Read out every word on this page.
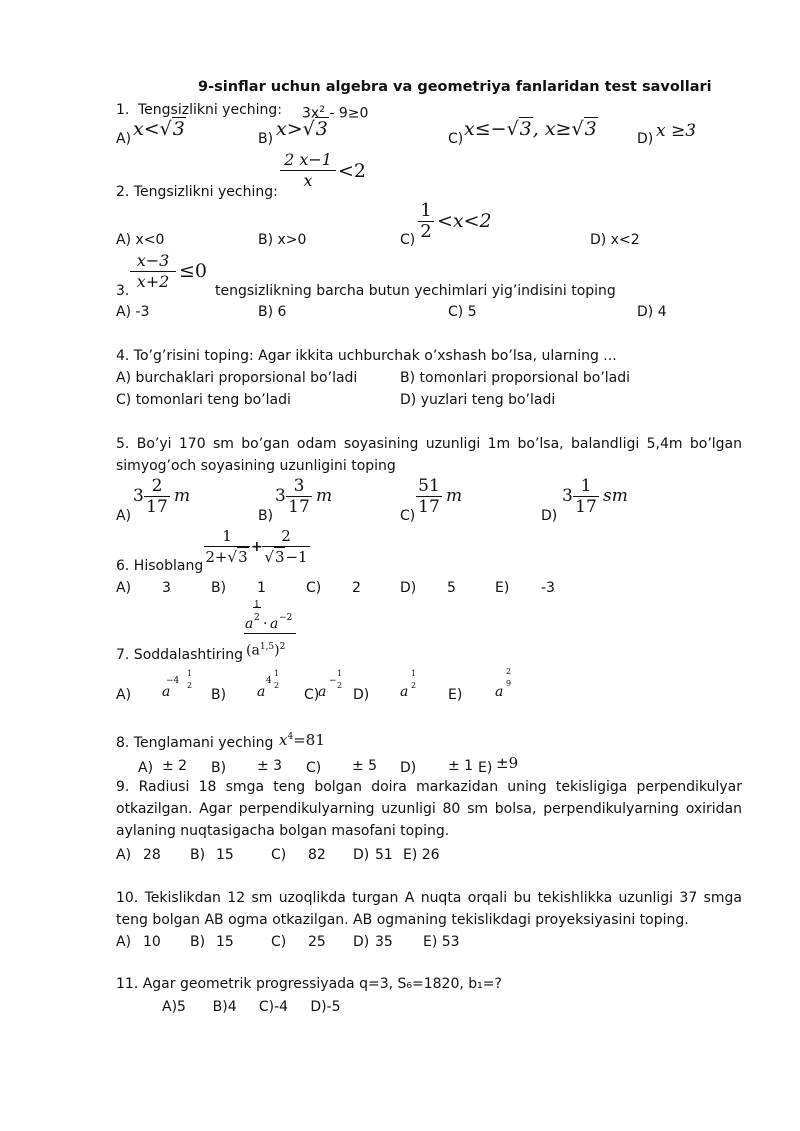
9-sinflar uchun algebra va geometriya fanlaridan test savollari
1. Tengsizlikni yeching: $3x^2 - 9\ge 0$
A) x<√3	B) x>√3	C) x≤−√3, x≥√3	D) x ≥3
2 x−1
x	<2
2. Tengsizlikni yeching:
A) x<0	B) x>0	C)
1
2 <x<2
D) x<2
x−3
x+2 ≤0
3.	tengsizlikning barcha butun yechimlari yig’indisini toping
A) -3	B) 6	C) 5	D) 4
4. To’g’risini toping: Agar ikkita uchburchak o’xshash bo’lsa, ularning ...
A) burchaklari proporsional bo’ladi	B) tomonlari proporsional bo’ladi
C) tomonlari teng bo’ladi	D) yuzlari teng bo’ladi
5. Bo’yi 170 sm bo’gan odam soyasining uzunligi 1m bo’lsa, balandligi 5,4m bo’lgan simyog’och soyasining uzunligini toping
A)
3 2
17
m
B)
3 3
17
m
C)
51
17
m
D)
3 1
17
sm
1
2+√3
+
2
√3−1
6. Hisoblang
A) 3	B) 1	C) 2	D) 5	E) -3
1
2
a · a −2
$(a^{1,5})^2$
7. Soddalashtiring
A) a
−4
1
2
B) a
4
1
2
C)
a
−
1
2
D) a
1
2
E) a
2
9
8. Tenglamani yeching $x^4=81$
A) ± 2 B) ± 3 C) ± 5 D) ± 1 E) ±9
9. Radiusi 18 smga teng bolgan doira markazidan uning tekisligiga perpendikulyar otkazilgan. Agar perpendikulyarning uzunligi 80 sm bolsa, perpendikulyarning oxiridan aylaning nuqtasigacha bolgan masofani toping.
A) 28 B) 15	C) 82 D) 51 E) 26
10. Tekislikdan 12 sm uzoqlikda turgan A nuqta orqali bu tekishlikka uzunligi 37 smga teng bolgan AB ogma otkazilgan. AB ogmaning tekislikdagi proyeksiyasini toping.
A) 10 B) 15	C) 25 D) 35 E) 53
11. Agar geometrik progressiyada q=3, S₆=1820, b₁=?
A)5      B)4     C)-4     D)-5
